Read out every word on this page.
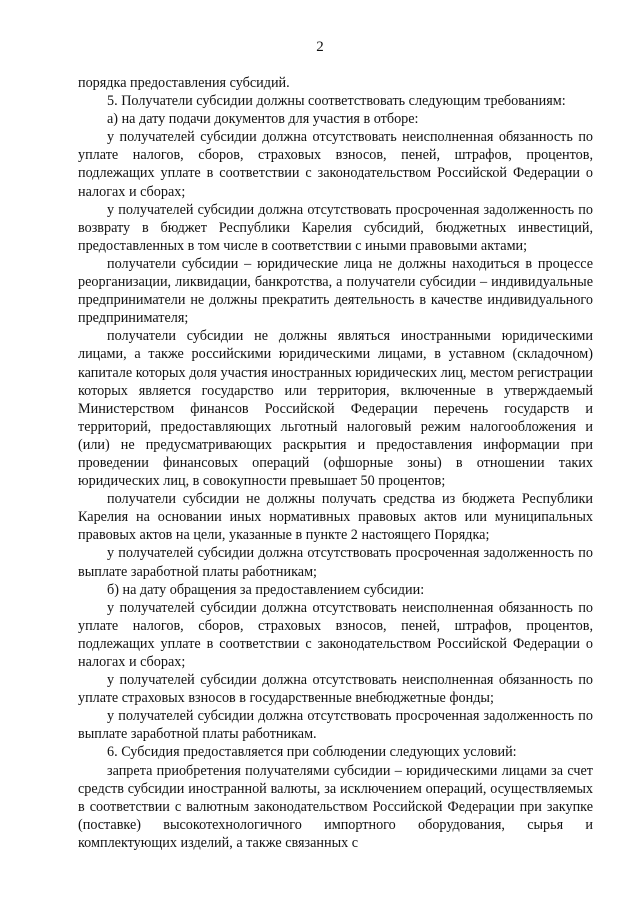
2

порядка предоставления субсидий.

5. Получатели субсидии должны соответствовать следующим требованиям:

а) на дату подачи документов для участия в отборе:

у получателей субсидии должна отсутствовать неисполненная обязанность по уплате налогов, сборов, страховых взносов, пеней, штрафов, процентов, подлежащих уплате в соответствии с законодательством Российской Федерации о налогах и сборах;

у получателей субсидии должна отсутствовать просроченная задолженность по возврату в бюджет Республики Карелия субсидий, бюджетных инвестиций, предоставленных в том числе в соответствии с иными правовыми актами;

получатели субсидии – юридические лица не должны находиться в процессе реорганизации, ликвидации, банкротства, а получатели субсидии – индивидуальные предприниматели не должны прекратить деятельность в качестве индивидуального предпринимателя;

получатели субсидии не должны являться иностранными юридическими лицами, а также российскими юридическими лицами, в уставном (складочном) капитале которых доля участия иностранных юридических лиц, местом регистрации которых является государство или территория, включенные в утверждаемый Министерством финансов Российской Федерации перечень государств и территорий, предоставляющих льготный налоговый режим налогообложения и (или) не предусматривающих раскрытия и предоставления информации при проведении финансовых операций (офшорные зоны) в отношении таких юридических лиц, в совокупности превышает 50 процентов;

получатели субсидии не должны получать средства из бюджета Республики Карелия на основании иных нормативных правовых актов или муниципальных правовых актов на цели, указанные в пункте 2 настоящего Порядка;

у получателей субсидии должна отсутствовать просроченная задолженность по выплате заработной платы работникам;

б) на дату обращения за предоставлением субсидии:

у получателей субсидии должна отсутствовать неисполненная обязанность по уплате налогов, сборов, страховых взносов, пеней, штрафов, процентов, подлежащих уплате в соответствии с законодательством Российской Федерации о налогах и сборах;

у получателей субсидии должна отсутствовать неисполненная обязанность по уплате страховых взносов в государственные внебюджетные фонды;

у получателей субсидии должна отсутствовать просроченная задолженность по выплате заработной платы работникам.

6. Субсидия предоставляется при соблюдении следующих условий:

запрета приобретения получателями субсидии – юридическими лицами за счет средств субсидии иностранной валюты, за исключением операций, осуществляемых в соответствии с валютным законодательством Российской Федерации при закупке (поставке) высокотехнологичного импортного оборудования, сырья и комплектующих изделий, а также связанных с
